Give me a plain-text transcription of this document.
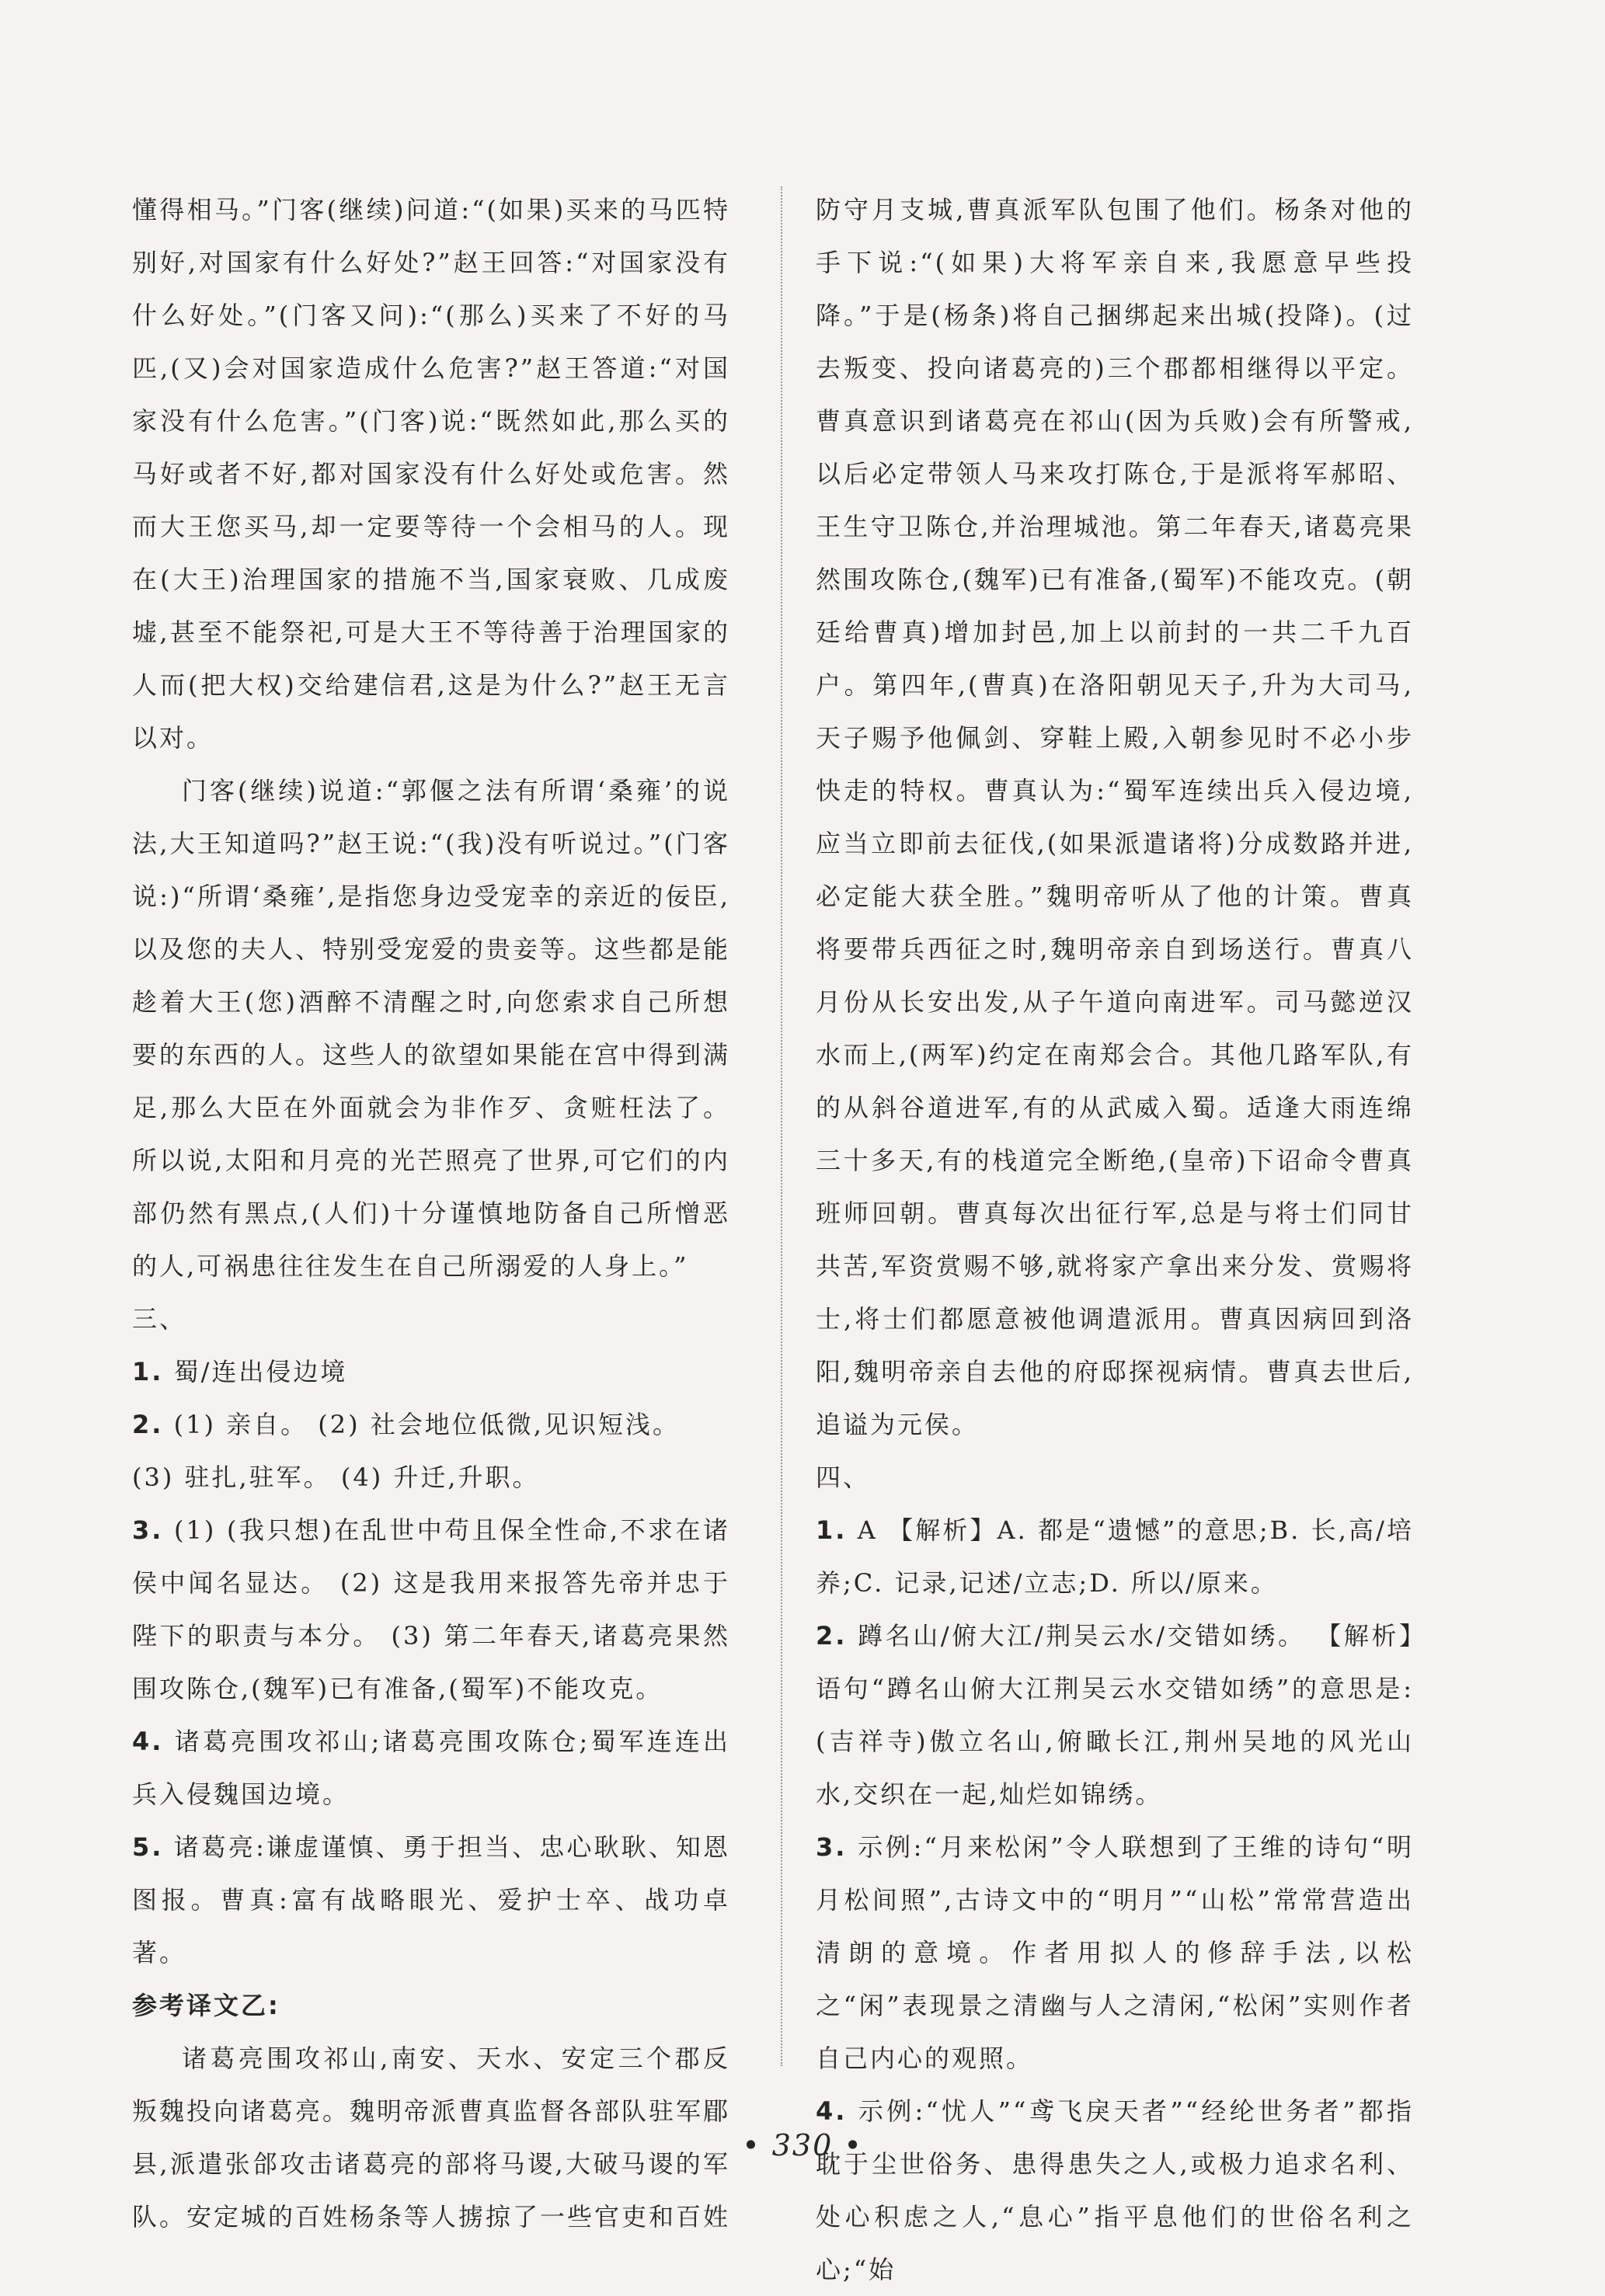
懂得相马。”门客(继续)问道:“(如果)买来的马匹特别好,对国家有什么好处?”赵王回答:“对国家没有什么好处。”(门客又问):“(那么)买来了不好的马匹,(又)会对国家造成什么危害?”赵王答道:“对国家没有什么危害。”(门客)说:“既然如此,那么买的马好或者不好,都对国家没有什么好处或危害。然而大王您买马,却一定要等待一个会相马的人。现在(大王)治理国家的措施不当,国家衰败、几成废墟,甚至不能祭祀,可是大王不等待善于治理国家的人而(把大权)交给建信君,这是为什么?”赵王无言以对。

门客(继续)说道:“郭偃之法有所谓‘桑雍’的说法,大王知道吗?”赵王说:“(我)没有听说过。”(门客说:)“所谓‘桑雍’,是指您身边受宠幸的亲近的佞臣,以及您的夫人、特别受宠爱的贵妾等。这些都是能趁着大王(您)酒醉不清醒之时,向您索求自己所想要的东西的人。这些人的欲望如果能在宫中得到满足,那么大臣在外面就会为非作歹、贪赃枉法了。所以说,太阳和月亮的光芒照亮了世界,可它们的内部仍然有黑点,(人们)十分谨慎地防备自己所憎恶的人,可祸患往往发生在自己所溺爱的人身上。”

三、

1. 蜀/连出侵边境

2. (1) 亲自。 (2) 社会地位低微,见识短浅。

(3) 驻扎,驻军。 (4) 升迁,升职。

3. (1) (我只想)在乱世中苟且保全性命,不求在诸侯中闻名显达。 (2) 这是我用来报答先帝并忠于陛下的职责与本分。 (3) 第二年春天,诸葛亮果然围攻陈仓,(魏军)已有准备,(蜀军)不能攻克。

4. 诸葛亮围攻祁山;诸葛亮围攻陈仓;蜀军连连出兵入侵魏国边境。

5. 诸葛亮:谦虚谨慎、勇于担当、忠心耿耿、知恩图报。曹真:富有战略眼光、爱护士卒、战功卓著。

参考译文乙:

诸葛亮围攻祁山,南安、天水、安定三个郡反叛魏投向诸葛亮。魏明帝派曹真监督各部队驻军郿县,派遣张郃攻击诸葛亮的部将马谡,大破马谡的军队。安定城的百姓杨条等人掳掠了一些官吏和百姓

防守月支城,曹真派军队包围了他们。杨条对他的手下说:“(如果)大将军亲自来,我愿意早些投降。”于是(杨条)将自己捆绑起来出城(投降)。(过去叛变、投向诸葛亮的)三个郡都相继得以平定。曹真意识到诸葛亮在祁山(因为兵败)会有所警戒,以后必定带领人马来攻打陈仓,于是派将军郝昭、王生守卫陈仓,并治理城池。第二年春天,诸葛亮果然围攻陈仓,(魏军)已有准备,(蜀军)不能攻克。(朝廷给曹真)增加封邑,加上以前封的一共二千九百户。第四年,(曹真)在洛阳朝见天子,升为大司马,天子赐予他佩剑、穿鞋上殿,入朝参见时不必小步快走的特权。曹真认为:“蜀军连续出兵入侵边境,应当立即前去征伐,(如果派遣诸将)分成数路并进,必定能大获全胜。”魏明帝听从了他的计策。曹真将要带兵西征之时,魏明帝亲自到场送行。曹真八月份从长安出发,从子午道向南进军。司马懿逆汉水而上,(两军)约定在南郑会合。其他几路军队,有的从斜谷道进军,有的从武威入蜀。适逢大雨连绵三十多天,有的栈道完全断绝,(皇帝)下诏命令曹真班师回朝。曹真每次出征行军,总是与将士们同甘共苦,军资赏赐不够,就将家产拿出来分发、赏赐将士,将士们都愿意被他调遣派用。曹真因病回到洛阳,魏明帝亲自去他的府邸探视病情。曹真去世后,追谥为元侯。

四、

1. A 【解析】A. 都是“遗憾”的意思;B. 长,高/培养;C. 记录,记述/立志;D. 所以/原来。

2. 蹲名山/俯大江/荆吴云水/交错如绣。 【解析】语句“蹲名山俯大江荆吴云水交错如绣”的意思是:(吉祥寺)傲立名山,俯瞰长江,荆州吴地的风光山水,交织在一起,灿烂如锦绣。

3. 示例:“月来松闲”令人联想到了王维的诗句“明月松间照”,古诗文中的“明月”“山松”常常营造出清朗的意境。作者用拟人的修辞手法,以松之“闲”表现景之清幽与人之清闲,“松闲”实则作者自己内心的观照。

4. 示例:“忧人”“鸢飞戾天者”“经纶世务者”都指耽于尘世俗务、患得患失之人,或极力追求名利、处心积虑之人,“息心”指平息他们的世俗名利之心;“始

• 330 •
